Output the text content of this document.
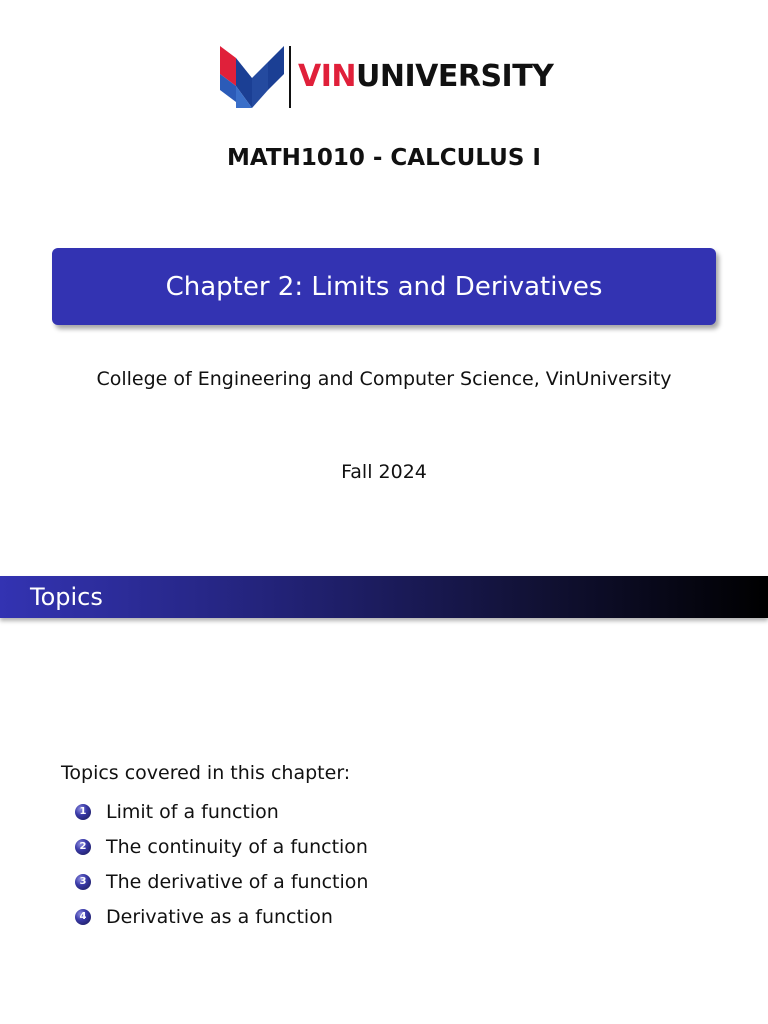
VINUNIVERSITY
MATH1010 - CALCULUS I
Chapter 2: Limits and Derivatives
College of Engineering and Computer Science, VinUniversity
Fall 2024
Topics
Topics covered in this chapter:
1 Limit of a function
2 The continuity of a function
3 The derivative of a function
4 Derivative as a function
